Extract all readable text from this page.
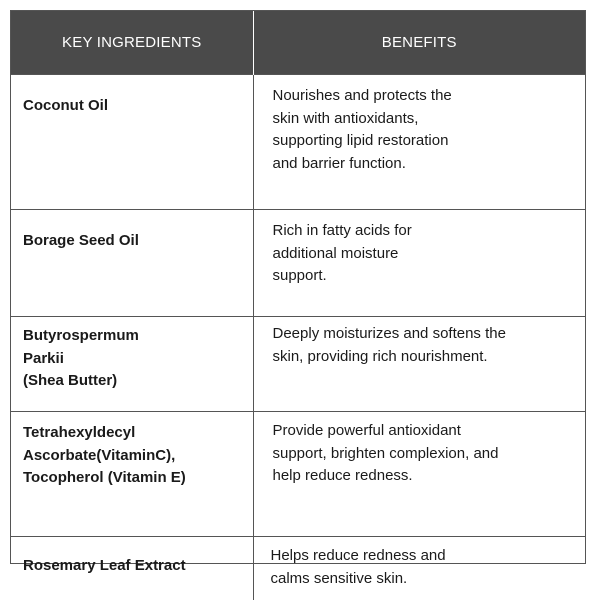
KEY INGREDIENTS	BENEFITS

Coconut Oil	Nourishes and protects the
skin with antioxidants,
supporting lipid restoration
and barrier function.

Borage Seed Oil	Rich in fatty acids for
additional moisture
support.

Butyrospermum
Parkii
(Shea Butter)	Deeply moisturizes and softens the
skin, providing rich nourishment.

Tetrahexyldecyl
Ascorbate(VitaminC),
Tocopherol (Vitamin E)	Provide powerful antioxidant
support, brighten complexion, and
help reduce redness.

Rosemary Leaf Extract	Helps reduce redness and
calms sensitive skin.
